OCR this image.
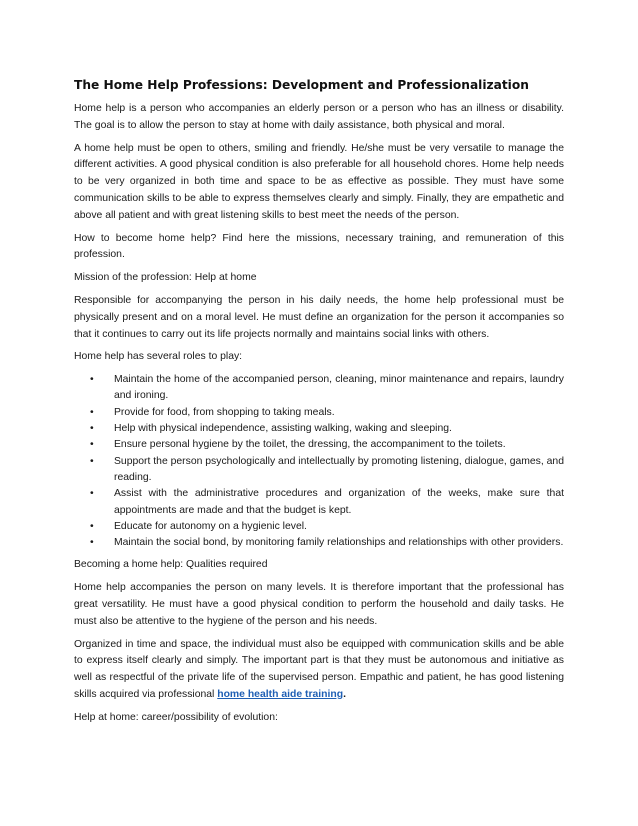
The Home Help Professions: Development and Professionalization

Home help is a person who accompanies an elderly person or a person who has an illness or disability. The goal is to allow the person to stay at home with daily assistance, both physical and moral.

A home help must be open to others, smiling and friendly. He/she must be very versatile to manage the different activities. A good physical condition is also preferable for all household chores. Home help needs to be very organized in both time and space to be as effective as possible. They must have some communication skills to be able to express themselves clearly and simply. Finally, they are empathetic and above all patient and with great listening skills to best meet the needs of the person.

How to become home help? Find here the missions, necessary training, and remuneration of this profession.

Mission of the profession: Help at home

Responsible for accompanying the person in his daily needs, the home help professional must be physically present and on a moral level. He must define an organization for the person it accompanies so that it continues to carry out its life projects normally and maintains social links with others.

Home help has several roles to play:

• Maintain the home of the accompanied person, cleaning, minor maintenance and repairs, laundry and ironing.
• Provide for food, from shopping to taking meals.
• Help with physical independence, assisting walking, waking and sleeping.
• Ensure personal hygiene by the toilet, the dressing, the accompaniment to the toilets.
• Support the person psychologically and intellectually by promoting listening, dialogue, games, and reading.
• Assist with the administrative procedures and organization of the weeks, make sure that appointments are made and that the budget is kept.
• Educate for autonomy on a hygienic level.
• Maintain the social bond, by monitoring family relationships and relationships with other providers.

Becoming a home help: Qualities required

Home help accompanies the person on many levels. It is therefore important that the professional has great versatility. He must have a good physical condition to perform the household and daily tasks. He must also be attentive to the hygiene of the person and his needs.

Organized in time and space, the individual must also be equipped with communication skills and be able to express itself clearly and simply. The important part is that they must be autonomous and initiative as well as respectful of the private life of the supervised person. Empathic and patient, he has good listening skills acquired via professional home health aide training.

Help at home: career/possibility of evolution:
